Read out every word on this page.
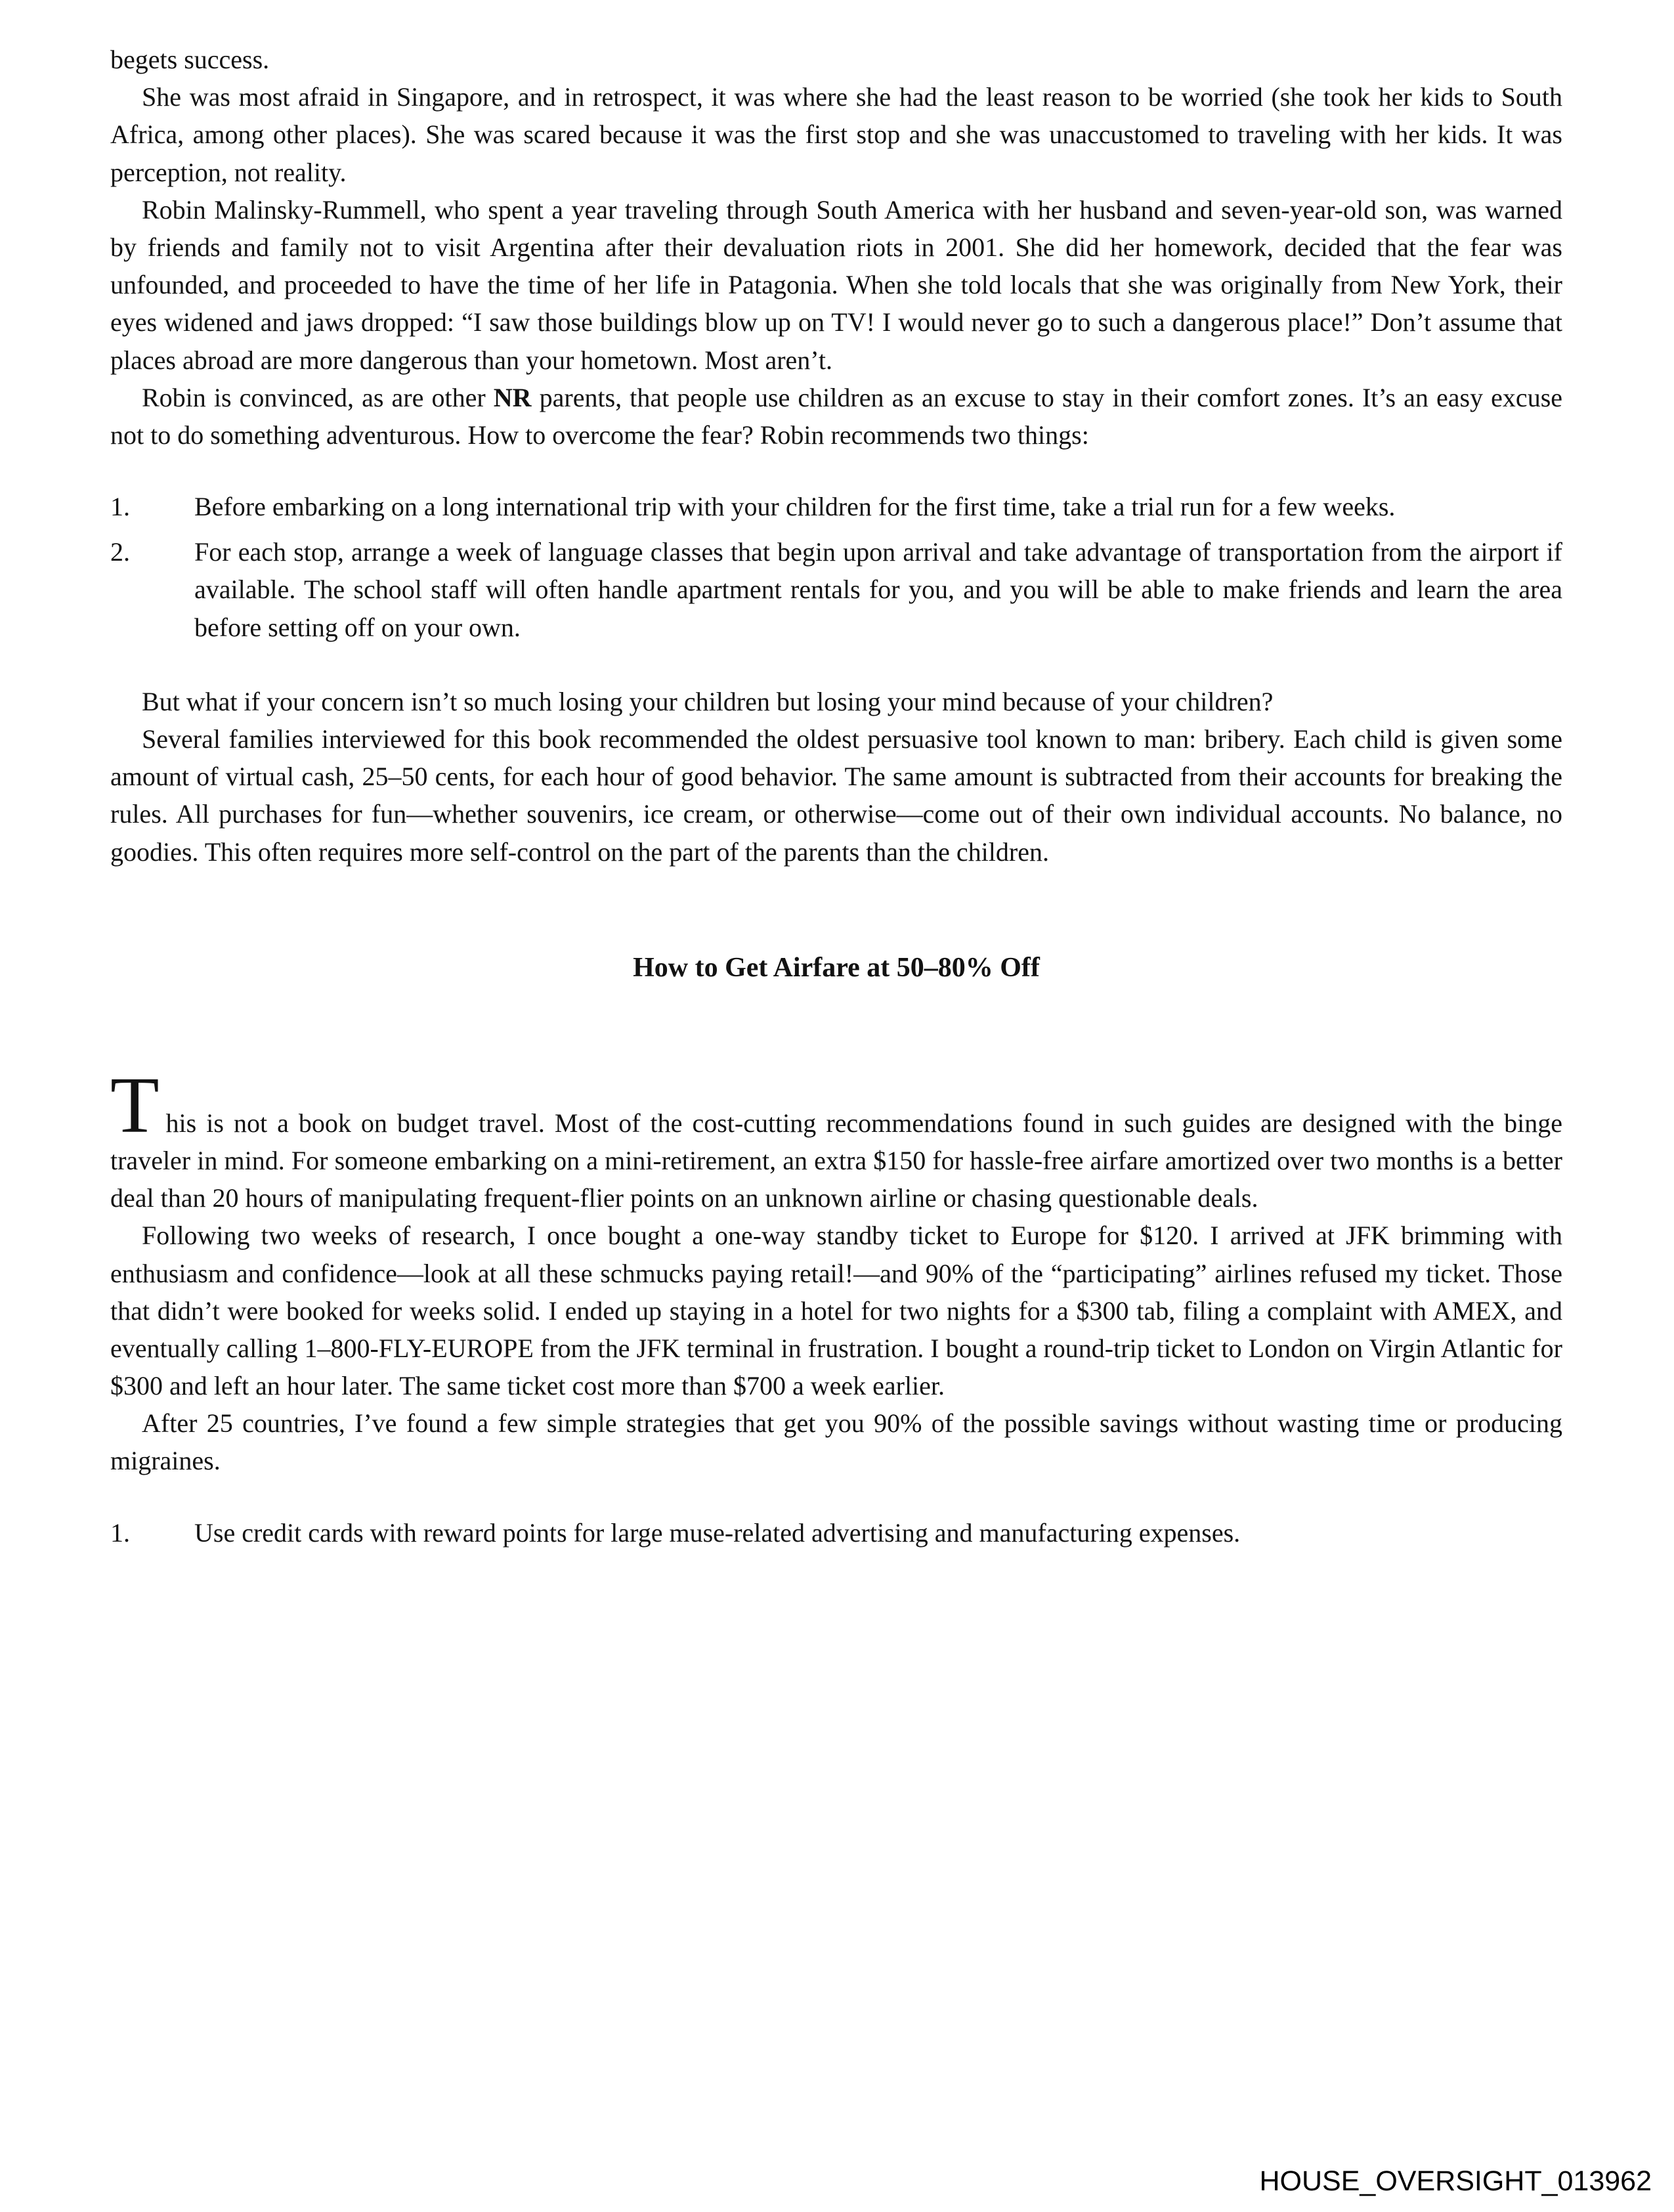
begets success.

She was most afraid in Singapore, and in retrospect, it was where she had the least reason to be worried (she took her kids to South Africa, among other places). She was scared because it was the first stop and she was unaccustomed to traveling with her kids. It was perception, not reality.

Robin Malinsky-Rummell, who spent a year traveling through South America with her husband and seven-year-old son, was warned by friends and family not to visit Argentina after their devaluation riots in 2001. She did her homework, decided that the fear was unfounded, and proceeded to have the time of her life in Patagonia. When she told locals that she was originally from New York, their eyes widened and jaws dropped: “I saw those buildings blow up on TV! I would never go to such a dangerous place!” Don’t assume that places abroad are more dangerous than your hometown. Most aren’t.

Robin is convinced, as are other NR parents, that people use children as an excuse to stay in their comfort zones. It’s an easy excuse not to do something adventurous. How to overcome the fear? Robin recommends two things:

1.	Before embarking on a long international trip with your children for the first time, take a trial run for a few weeks.
2.	For each stop, arrange a week of language classes that begin upon arrival and take advantage of transportation from the airport if available. The school staff will often handle apartment rentals for you, and you will be able to make friends and learn the area before setting off on your own.

But what if your concern isn’t so much losing your children but losing your mind because of your children?

Several families interviewed for this book recommended the oldest persuasive tool known to man: bribery. Each child is given some amount of virtual cash, 25–50 cents, for each hour of good behavior. The same amount is subtracted from their accounts for breaking the rules. All purchases for fun—whether souvenirs, ice cream, or otherwise—come out of their own individual accounts. No balance, no goodies. This often requires more self-control on the part of the parents than the children.

How to Get Airfare at 50–80% Off

This is not a book on budget travel. Most of the cost-cutting recommendations found in such guides are designed with the binge traveler in mind. For someone embarking on a mini-retirement, an extra $150 for hassle-free airfare amortized over two months is a better deal than 20 hours of manipulating frequent-flier points on an unknown airline or chasing questionable deals.

Following two weeks of research, I once bought a one-way standby ticket to Europe for $120. I arrived at JFK brimming with enthusiasm and confidence—look at all these schmucks paying retail!—and 90% of the “participating” airlines refused my ticket. Those that didn’t were booked for weeks solid. I ended up staying in a hotel for two nights for a $300 tab, filing a complaint with AMEX, and eventually calling 1–800-FLY-EUROPE from the JFK terminal in frustration. I bought a round-trip ticket to London on Virgin Atlantic for $300 and left an hour later. The same ticket cost more than $700 a week earlier.

After 25 countries, I’ve found a few simple strategies that get you 90% of the possible savings without wasting time or producing migraines.

1.	Use credit cards with reward points for large muse-related advertising and manufacturing expenses.
HOUSE_OVERSIGHT_013962
